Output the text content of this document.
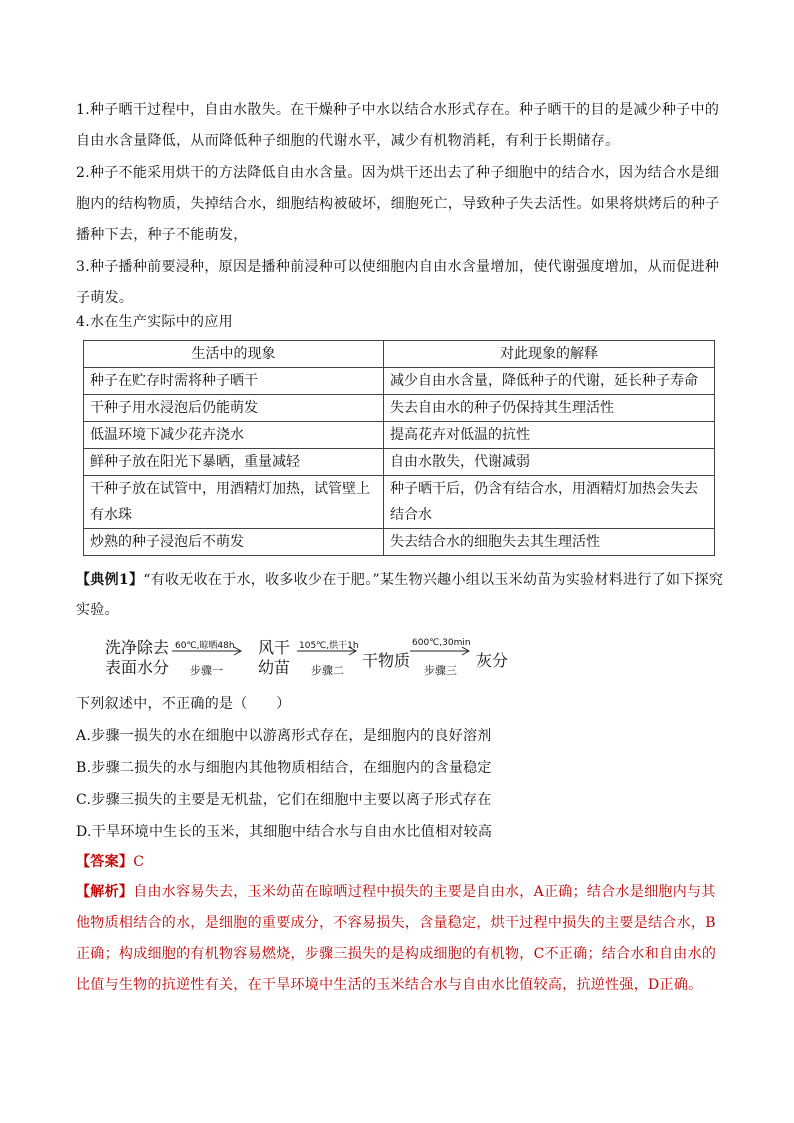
1.种子晒干过程中，自由水散失。在干燥种子中水以结合水形式存在。种子晒干的目的是减少种子中的自由水含量降低，从而降低种子细胞的代谢水平，减少有机物消耗，有利于长期储存。

2.种子不能采用烘干的方法降低自由水含量。因为烘干还出去了种子细胞中的结合水，因为结合水是细胞内的结构物质，失掉结合水，细胞结构被破坏，细胞死亡，导致种子失去活性。如果将烘烤后的种子播种下去，种子不能萌发，

3.种子播种前要浸种，原因是播种前浸种可以使细胞内自由水含量增加，使代谢强度增加，从而促进种子萌发。

4.水在生产实际中的应用

生活中的现象	对此现象的解释
种子在贮存时需将种子晒干	减少自由水含量，降低种子的代谢，延长种子寿命
干种子用水浸泡后仍能萌发	失去自由水的种子仍保持其生理活性
低温环境下减少花卉浇水	提高花卉对低温的抗性
鲜种子放在阳光下暴晒，重量减轻	自由水散失，代谢减弱
干种子放在试管中，用酒精灯加热，试管壁上有水珠	种子晒干后，仍含有结合水，用酒精灯加热会失去结合水
炒熟的种子浸泡后不萌发	失去结合水的细胞失去其生理活性

【典例1】“有收无收在于水，收多收少在于肥。”某生物兴趣小组以玉米幼苗为实验材料进行了如下探究实验。

洗净除去
表面水分
60℃,晾晒48h
步骤一
风干
幼苗
105℃,烘干1h
步骤二
干物质
600℃,30min
步骤三
灰分

下列叙述中，不正确的是（　　）

A.步骤一损失的水在细胞中以游离形式存在，是细胞内的良好溶剂

B.步骤二损失的水与细胞内其他物质相结合，在细胞内的含量稳定

C.步骤三损失的主要是无机盐，它们在细胞中主要以离子形式存在

D.干旱环境中生长的玉米，其细胞中结合水与自由水比值相对较高

【答案】C

【解析】自由水容易失去，玉米幼苗在晾晒过程中损失的主要是自由水，A正确；结合水是细胞内与其他物质相结合的水，是细胞的重要成分，不容易损失，含量稳定，烘干过程中损失的主要是结合水，B正确；构成细胞的有机物容易燃烧，步骤三损失的是构成细胞的有机物，C不正确；结合水和自由水的比值与生物的抗逆性有关，在干旱环境中生活的玉米结合水与自由水比值较高，抗逆性强，D正确。
